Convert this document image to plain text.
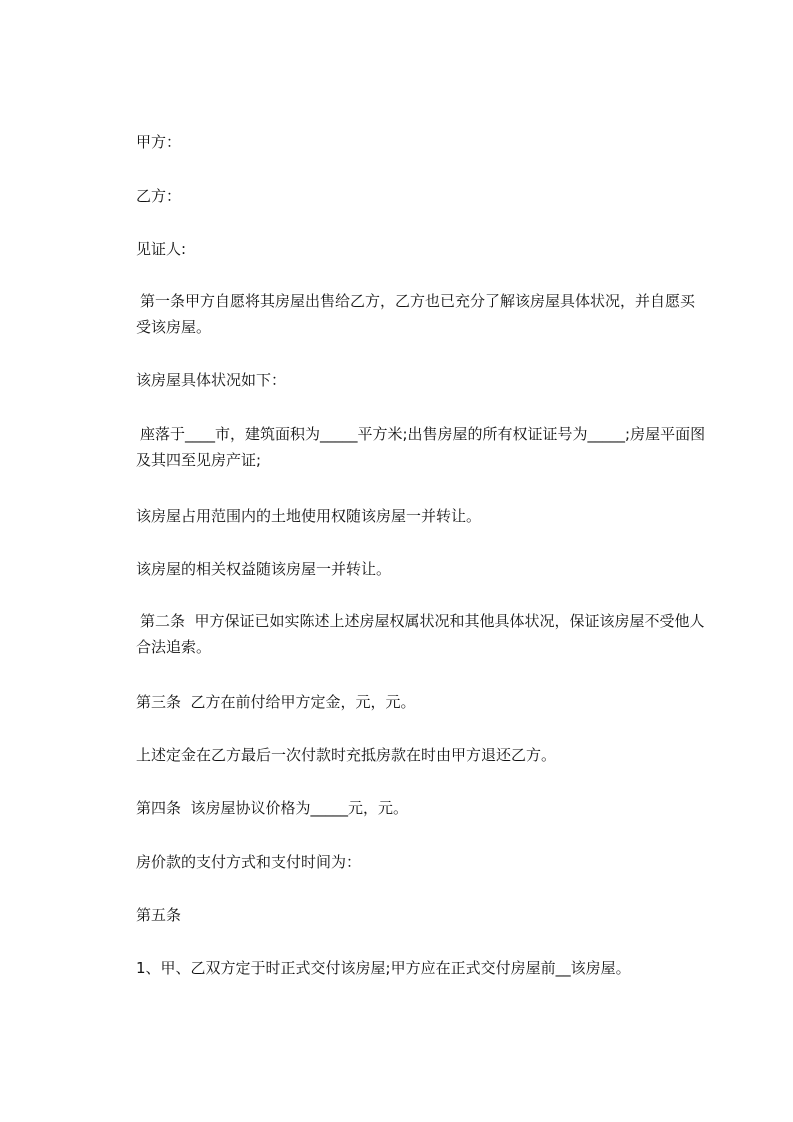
甲方：

乙方：

见证人:

第一条甲方自愿将其房屋出售给乙方，乙方也已充分了解该房屋具体状况，并自愿买受该房屋。

该房屋具体状况如下：

座落于____市，建筑面积为_____平方米;出售房屋的所有权证证号为_____;房屋平面图及其四至见房产证;

该房屋占用范围内的土地使用权随该房屋一并转让。

该房屋的相关权益随该房屋一并转让。

第二条  甲方保证已如实陈述上述房屋权属状况和其他具体状况，保证该房屋不受他人合法追索。

第三条  乙方在前付给甲方定金，元，元。

上述定金在乙方最后一次付款时充抵房款在时由甲方退还乙方。

第四条  该房屋协议价格为_____元，元。

房价款的支付方式和支付时间为：

第五条

1、甲、乙双方定于时正式交付该房屋;甲方应在正式交付房屋前__该房屋。
